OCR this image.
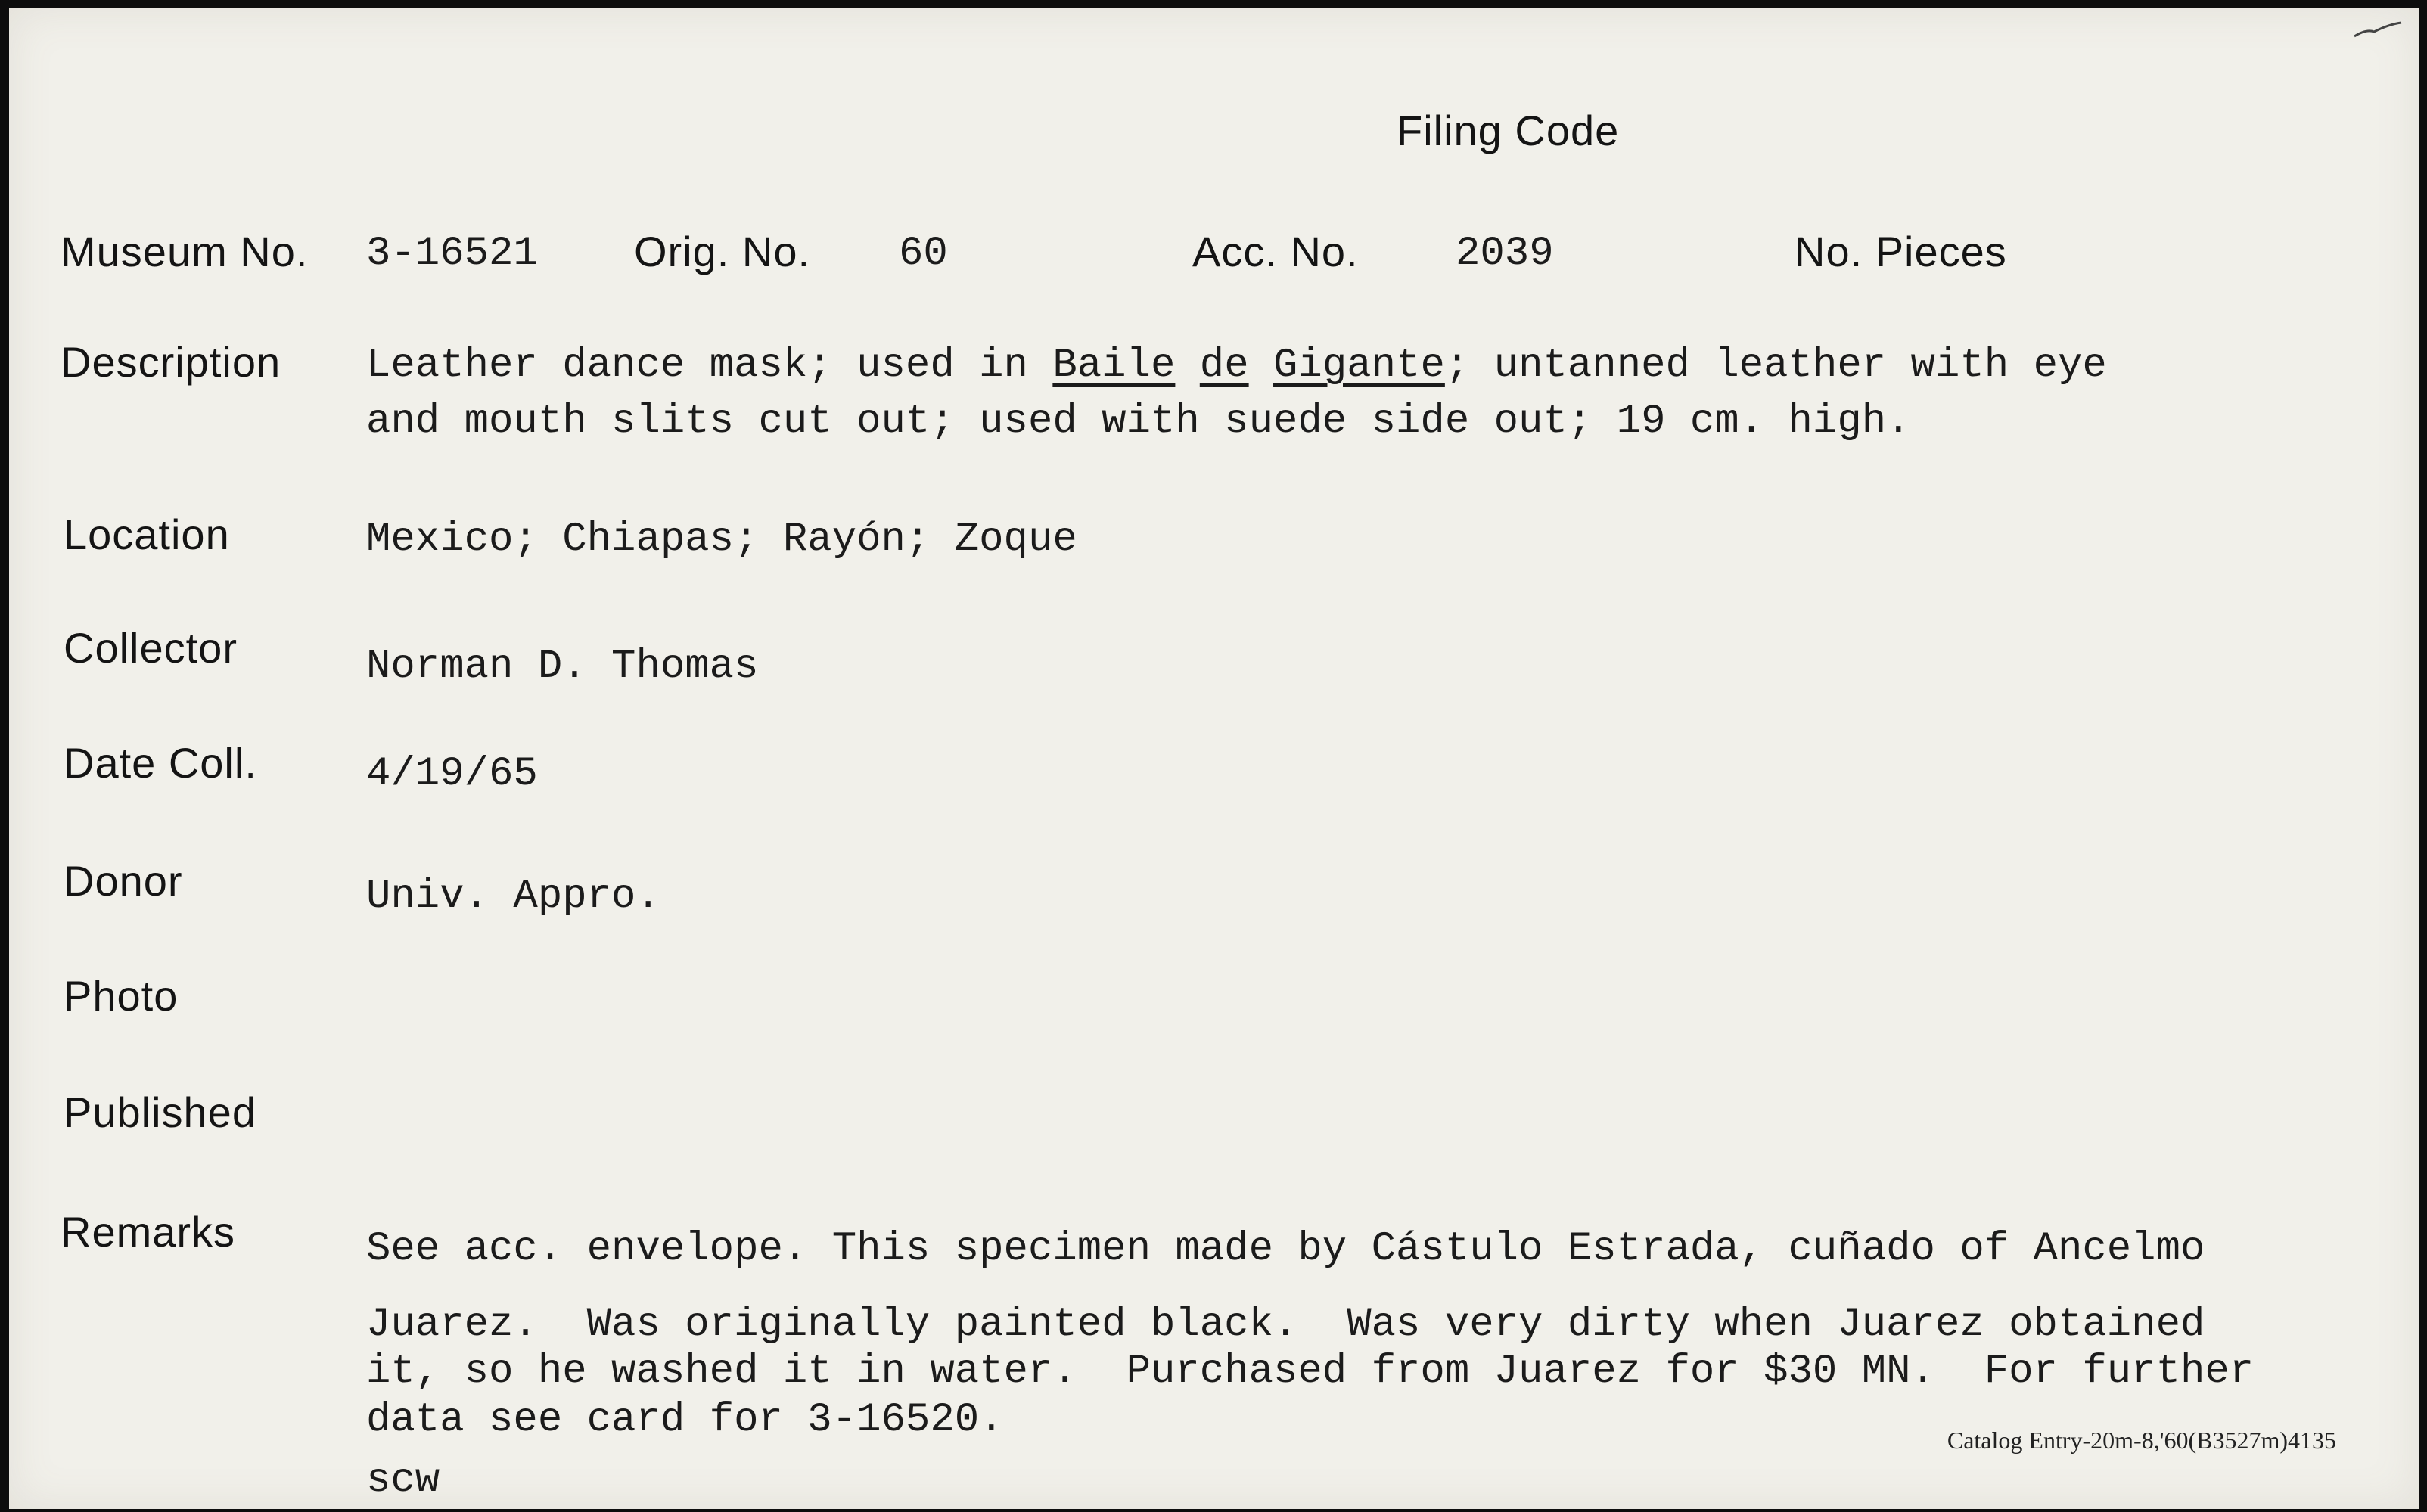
Filing Code
Museum No. 3-16521 Orig. No. 60	Acc. No. 2039	No. Pieces
Description Leather dance mask; used in Baile de Gigante; untanned leather with eye
and mouth slits cut out; used with suede side out; 19 cm. high.
Location	Mexico; Chiapas; Rayón; Zoque
Collector	Norman D. Thomas
Date Coll.	4/19/65
Donor	Univ. Appro.
Photo
Published
Remarks	See acc. envelope. This specimen made by Cástulo Estrada, cuñado of Ancelmo
Juarez.  Was originally painted black.  Was very dirty when Juarez obtained
it, so he washed it in water.  Purchased from Juarez for $30 MN.  For further
data see card for 3-16520.
scw
Catalog Entry-20m-8,'60(B3527m)4135
